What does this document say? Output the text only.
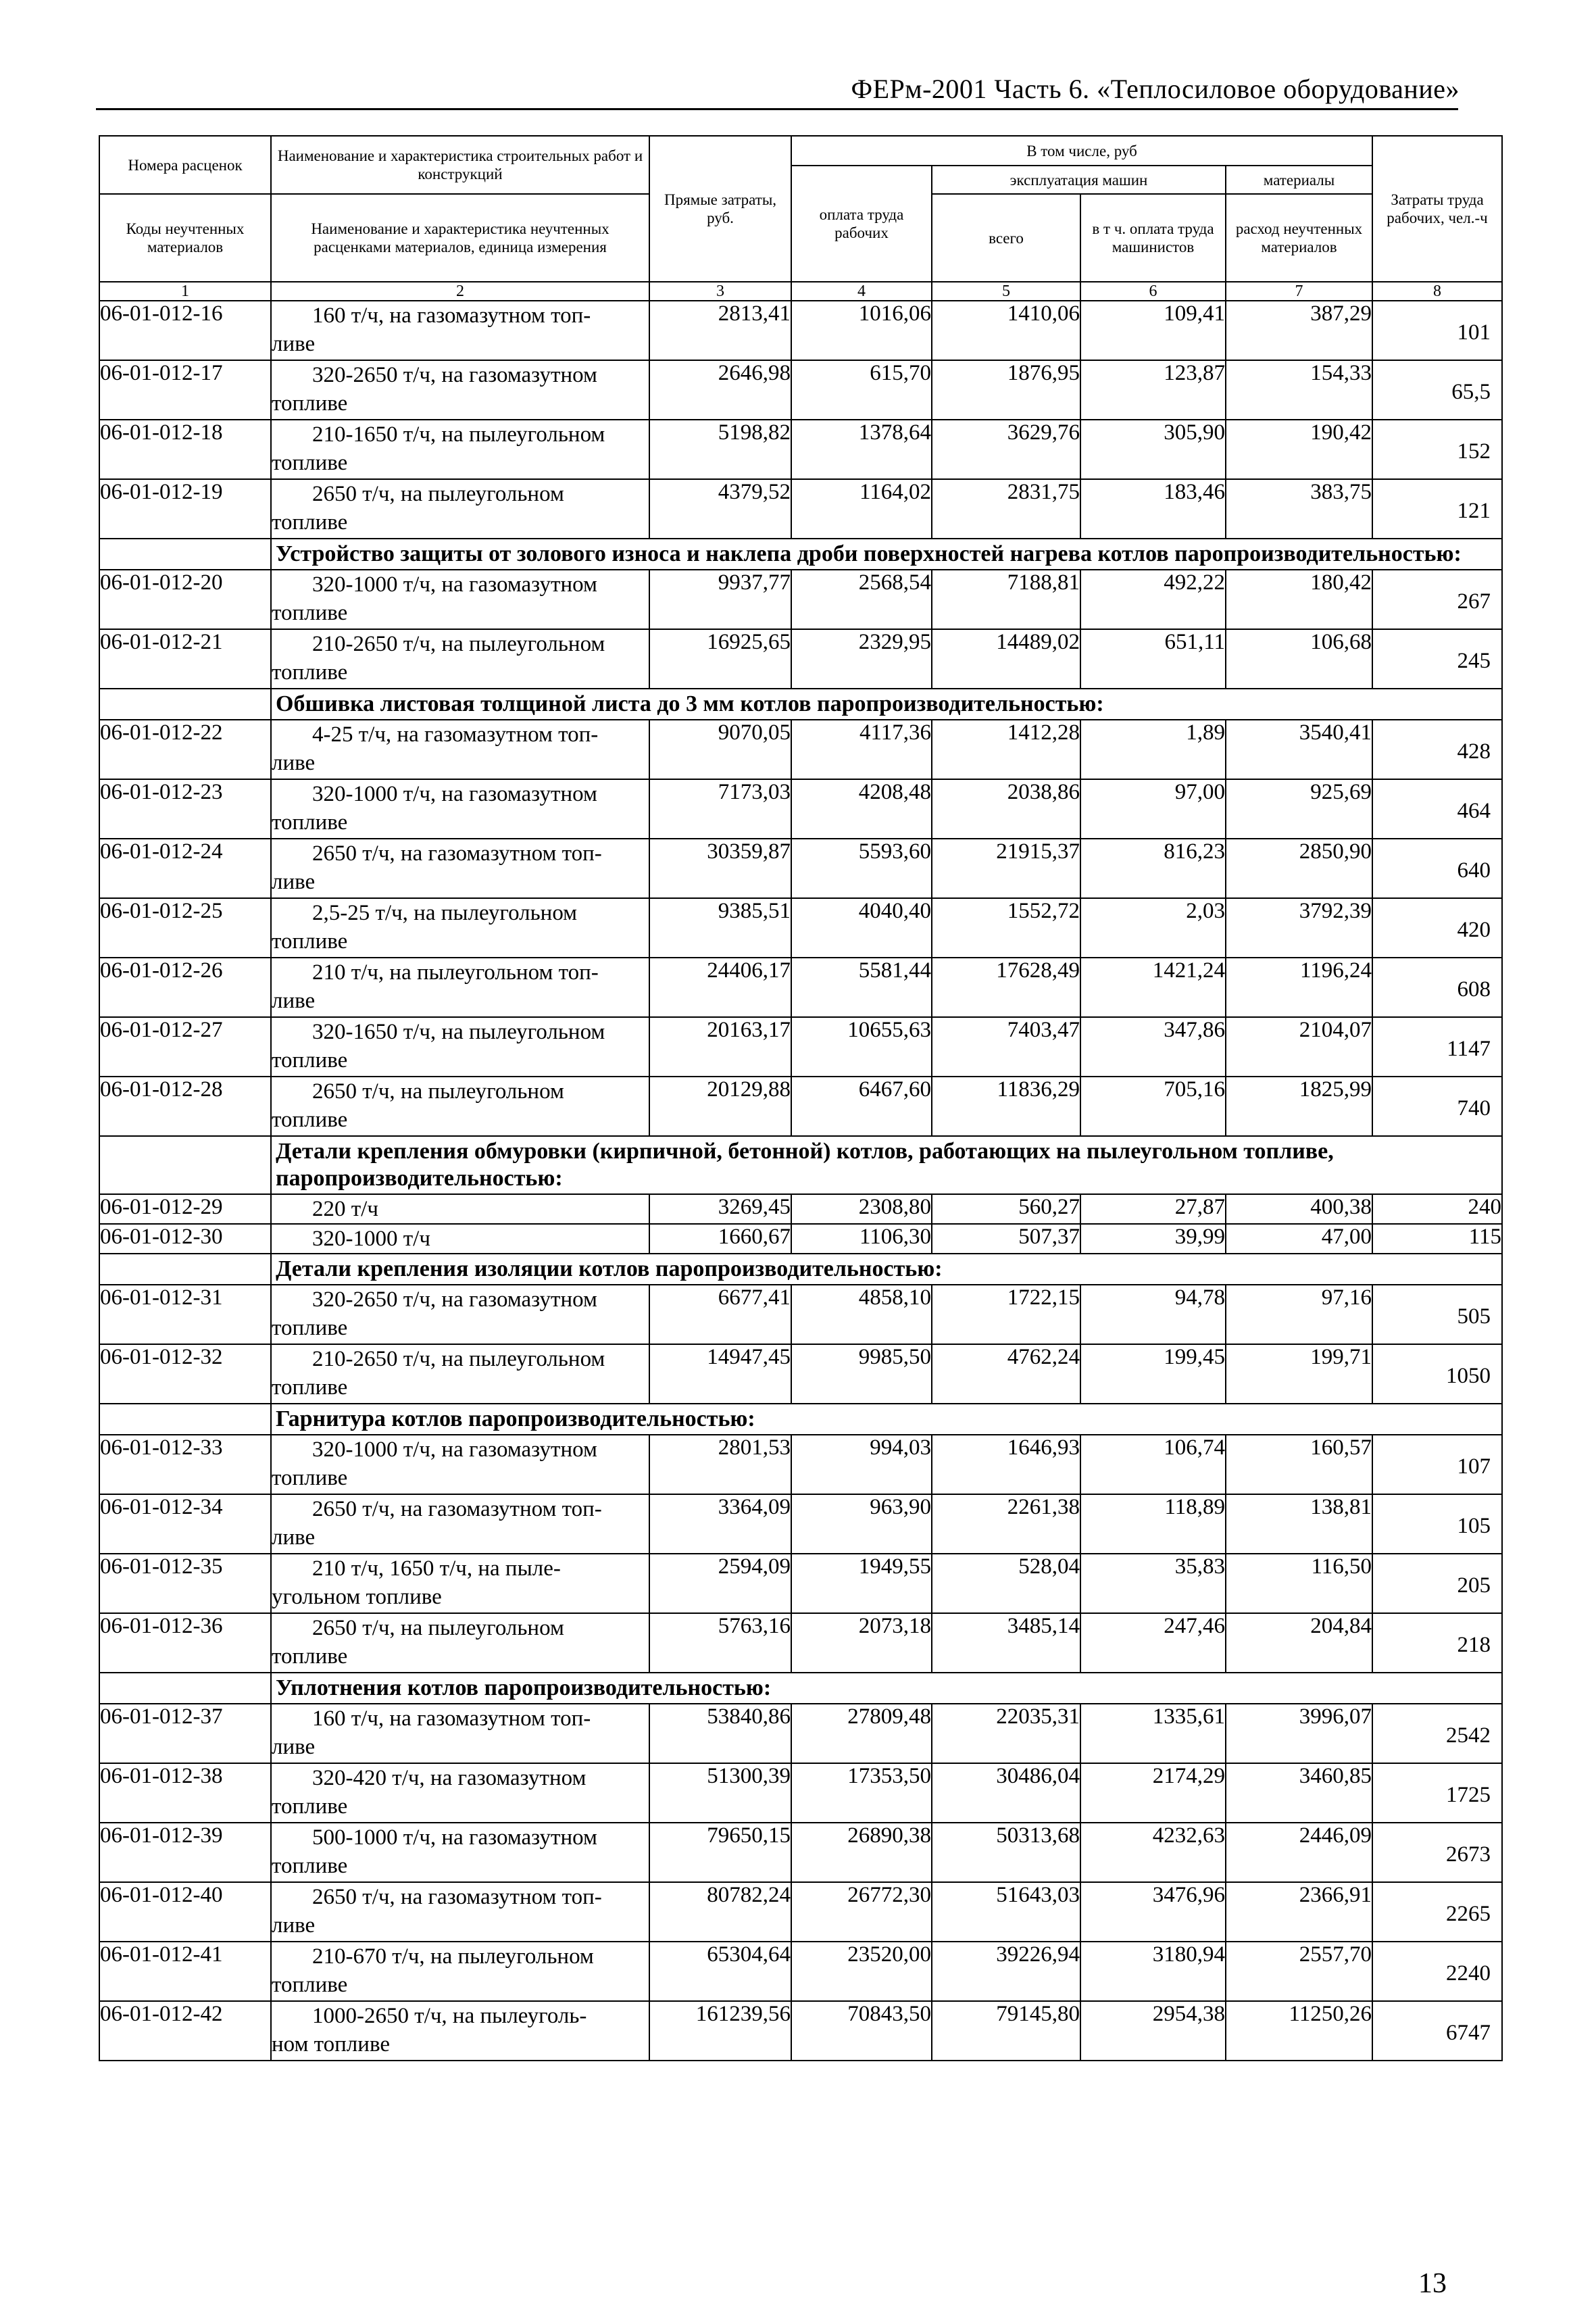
ФЕРм-2001 Часть 6. «Теплосиловое оборудование»
Номера расценок	Наименование и характеристика строительных работ и конструкций	Прямые затраты, руб.	В том числе, руб				Затраты труда рабочих, чел.-ч
			оплата труда рабочих	эксплуатация машин		материалы	
Коды неучтенных материалов	Наименование и характеристика неучтенных расценками материалов, единица измерения			всего	в т ч. оплата труда машинистов	расход неучтенных материалов	

1	2	3	4	5	6	7	8
06-01-012-16	160 т/ч, на газомазутном топ-
ливе	2813,41	1016,06	1410,06	109,41	387,29	101
06-01-012-17	320-2650 т/ч, на газомазутном
топливе	2646,98	615,70	1876,95	123,87	154,33	65,5
06-01-012-18	210-1650 т/ч, на пылеугольном
топливе	5198,82	1378,64	3629,76	305,90	190,42	152
06-01-012-19	2650 т/ч, на пылеугольном
топливе	4379,52	1164,02	2831,75	183,46	383,75	121
	Устройство защиты от золового износа и наклепа дроби поверхностей нагрева котлов паропроизводительностью:						
06-01-012-20	320-1000 т/ч, на газомазутном
топливе	9937,77	2568,54	7188,81	492,22	180,42	267
06-01-012-21	210-2650 т/ч, на пылеугольном
топливе	16925,65	2329,95	14489,02	651,11	106,68	245
	Обшивка листовая толщиной листа до 3 мм котлов паропроизводительностью:						
06-01-012-22	4-25 т/ч, на газомазутном топ-
ливе	9070,05	4117,36	1412,28	1,89	3540,41	428
06-01-012-23	320-1000 т/ч, на газомазутном
топливе	7173,03	4208,48	2038,86	97,00	925,69	464
06-01-012-24	2650 т/ч, на газомазутном топ-
ливе	30359,87	5593,60	21915,37	816,23	2850,90	640
06-01-012-25	2,5-25 т/ч, на пылеугольном
топливе	9385,51	4040,40	1552,72	2,03	3792,39	420
06-01-012-26	210 т/ч, на пылеугольном топ-
ливе	24406,17	5581,44	17628,49	1421,24	1196,24	608
06-01-012-27	320-1650 т/ч, на пылеугольном
топливе	20163,17	10655,63	7403,47	347,86	2104,07	1147
06-01-012-28	2650 т/ч, на пылеугольном
топливе	20129,88	6467,60	11836,29	705,16	1825,99	740
	Детали крепления обмуровки (кирпичной, бетонной) котлов, работающих на пылеугольном топливе, паропроизводительностью:						
06-01-012-29	220 т/ч	3269,45	2308,80	560,27	27,87	400,38	240
06-01-012-30	320-1000 т/ч	1660,67	1106,30	507,37	39,99	47,00	115
	Детали крепления изоляции котлов паропроизводительностью:						
06-01-012-31	320-2650 т/ч, на газомазутном
топливе	6677,41	4858,10	1722,15	94,78	97,16	505
06-01-012-32	210-2650 т/ч, на пылеугольном
топливе	14947,45	9985,50	4762,24	199,45	199,71	1050
	Гарнитура котлов паропроизводительностью:						
06-01-012-33	320-1000 т/ч, на газомазутном
топливе	2801,53	994,03	1646,93	106,74	160,57	107
06-01-012-34	2650 т/ч, на газомазутном топ-
ливе	3364,09	963,90	2261,38	118,89	138,81	105
06-01-012-35	210 т/ч, 1650 т/ч, на пыле-
угольном топливе	2594,09	1949,55	528,04	35,83	116,50	205
06-01-012-36	2650 т/ч, на пылеугольном
топливе	5763,16	2073,18	3485,14	247,46	204,84	218
	Уплотнения котлов паропроизводительностью:						
06-01-012-37	160 т/ч, на газомазутном топ-
ливе	53840,86	27809,48	22035,31	1335,61	3996,07	2542
06-01-012-38	320-420 т/ч, на газомазутном
топливе	51300,39	17353,50	30486,04	2174,29	3460,85	1725
06-01-012-39	500-1000 т/ч, на газомазутном
топливе	79650,15	26890,38	50313,68	4232,63	2446,09	2673
06-01-012-40	2650 т/ч, на газомазутном топ-
ливе	80782,24	26772,30	51643,03	3476,96	2366,91	2265
06-01-012-41	210-670 т/ч, на пылеугольном
топливе	65304,64	23520,00	39226,94	3180,94	2557,70	2240
06-01-012-42	1000-2650 т/ч, на пылеуголь-
ном топливе	161239,56	70843,50	79145,80	2954,38	11250,26	6747
13
